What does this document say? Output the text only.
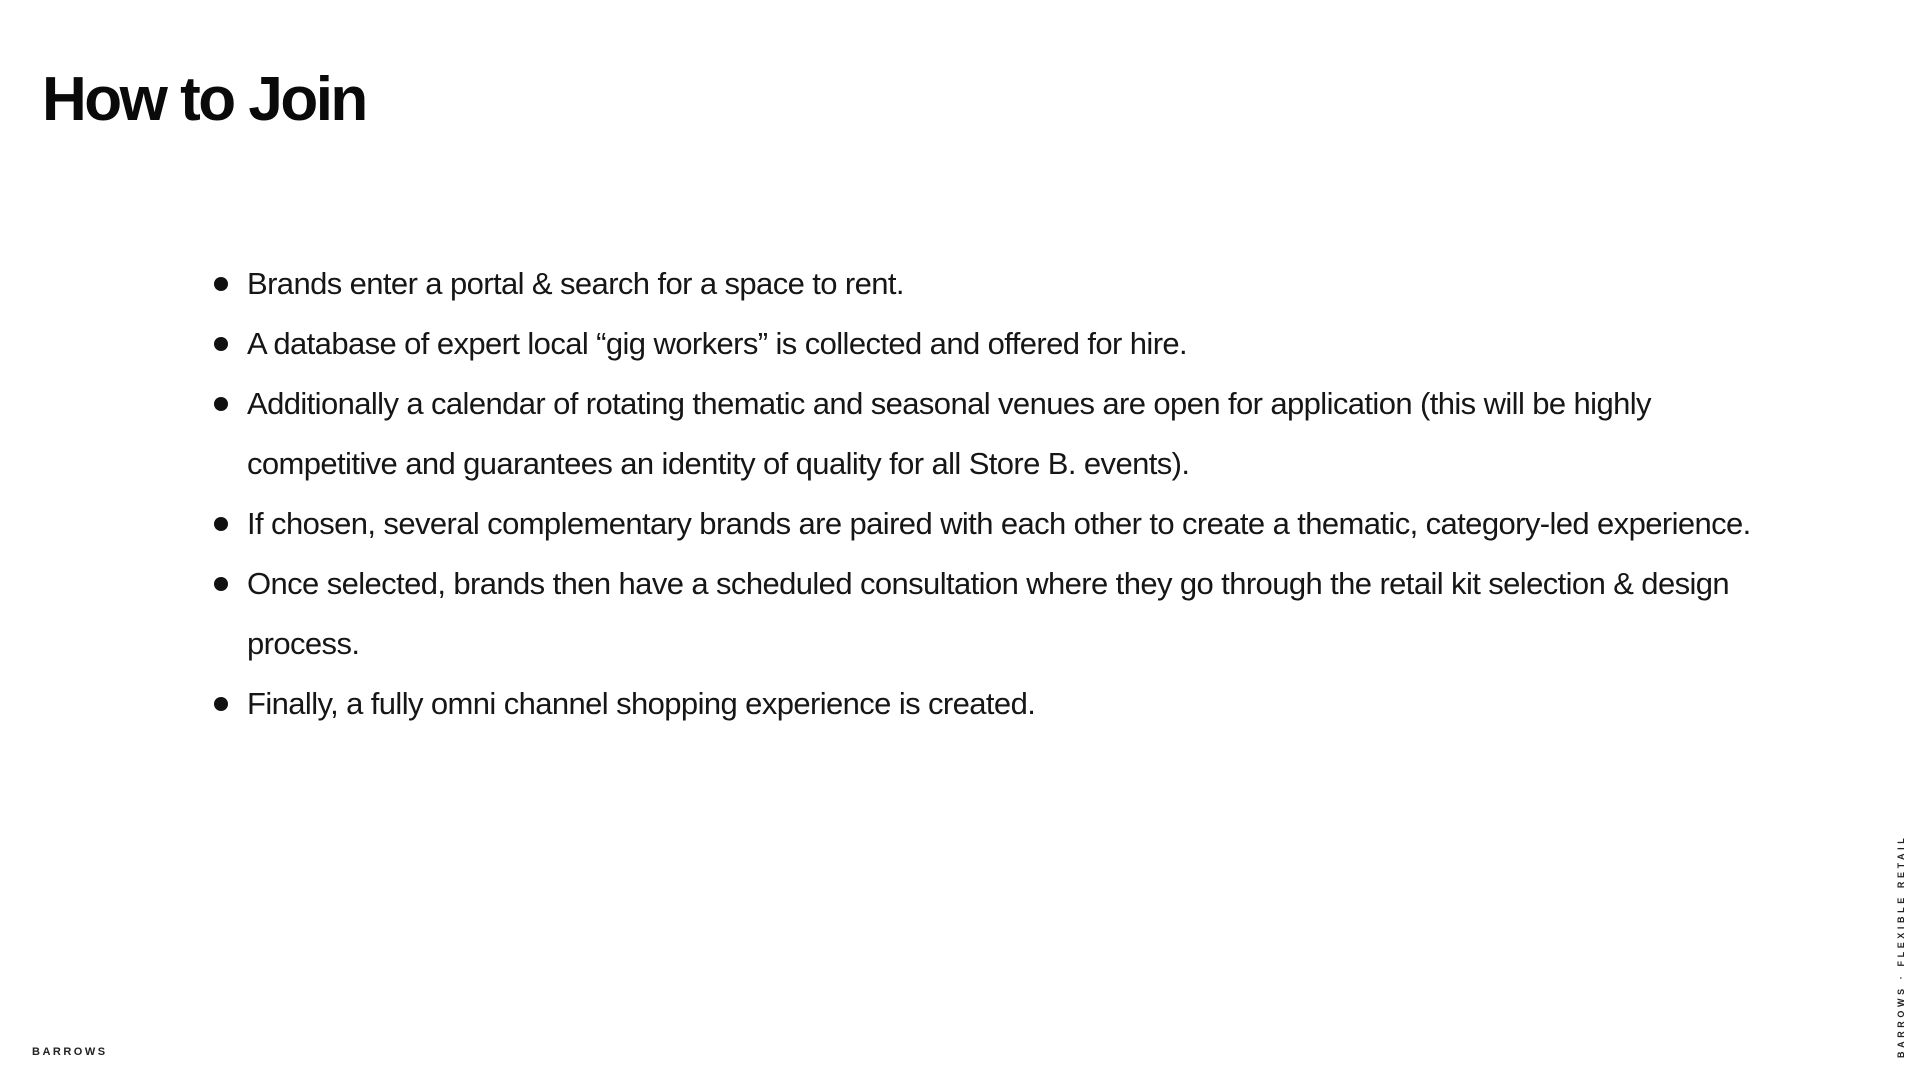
How to Join
Brands enter a portal & search for a space to rent.
A database of expert local “gig workers” is collected and offered for hire.
Additionally a calendar of rotating thematic and seasonal venues are open for application (this will be highly competitive and guarantees an identity of quality for all Store B. events).
If chosen, several complementary brands are paired with each other to create a thematic, category-led experience.
Once selected, brands then have a scheduled consultation where they go through the retail kit selection & design process.
Finally, a fully omni channel shopping experience is created.
BARROWS	BARROWS · FLEXIBLE RETAIL
